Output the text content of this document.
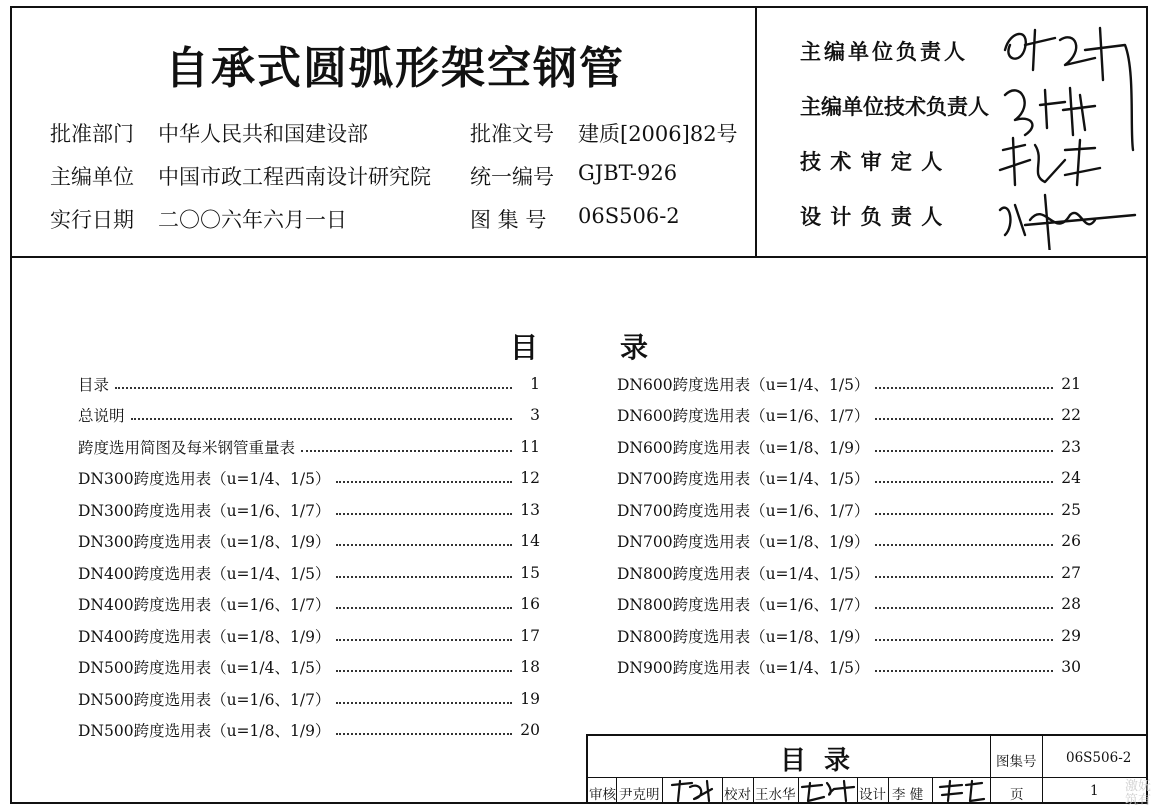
自承式圆弧形架空钢管
批准部门 中华人民共和国建设部
主编单位 中国市政工程西南设计研究院
实行日期 二〇〇六年六月一日
批准文号 建质[2006]82号
统一编号 GJBT-926
图 集 号 06S506-2
主编单位负责人
主编单位技术负责人
技 术 审 定 人
设 计 负 责 人
目	录
目录	1
总说明	3
跨度选用简图及每米钢管重量表	11
DN300跨度选用表（u=1/4、1/5）	12
DN300跨度选用表（u=1/6、1/7）	13
DN300跨度选用表（u=1/8、1/9）	14
DN400跨度选用表（u=1/4、1/5）	15
DN400跨度选用表（u=1/6、1/7）	16
DN400跨度选用表（u=1/8、1/9）	17
DN500跨度选用表（u=1/4、1/5）	18
DN500跨度选用表（u=1/6、1/7）	19
DN500跨度选用表（u=1/8、1/9）	20
DN600跨度选用表（u=1/4、1/5）	21
DN600跨度选用表（u=1/6、1/7）	22
DN600跨度选用表（u=1/8、1/9）	23
DN700跨度选用表（u=1/4、1/5）	24
DN700跨度选用表（u=1/6、1/7）	25
DN700跨度选用表（u=1/8、1/9）	26
DN800跨度选用表（u=1/4、1/5）	27
DN800跨度选用表（u=1/6、1/7）	28
DN800跨度选用表（u=1/8、1/9）	29
DN900跨度选用表（u=1/4、1/5）	30
目  录	图集号 06S506-2
审核 尹克明	校对 王水华	设计 李 健	页	1 激妩
筑有
